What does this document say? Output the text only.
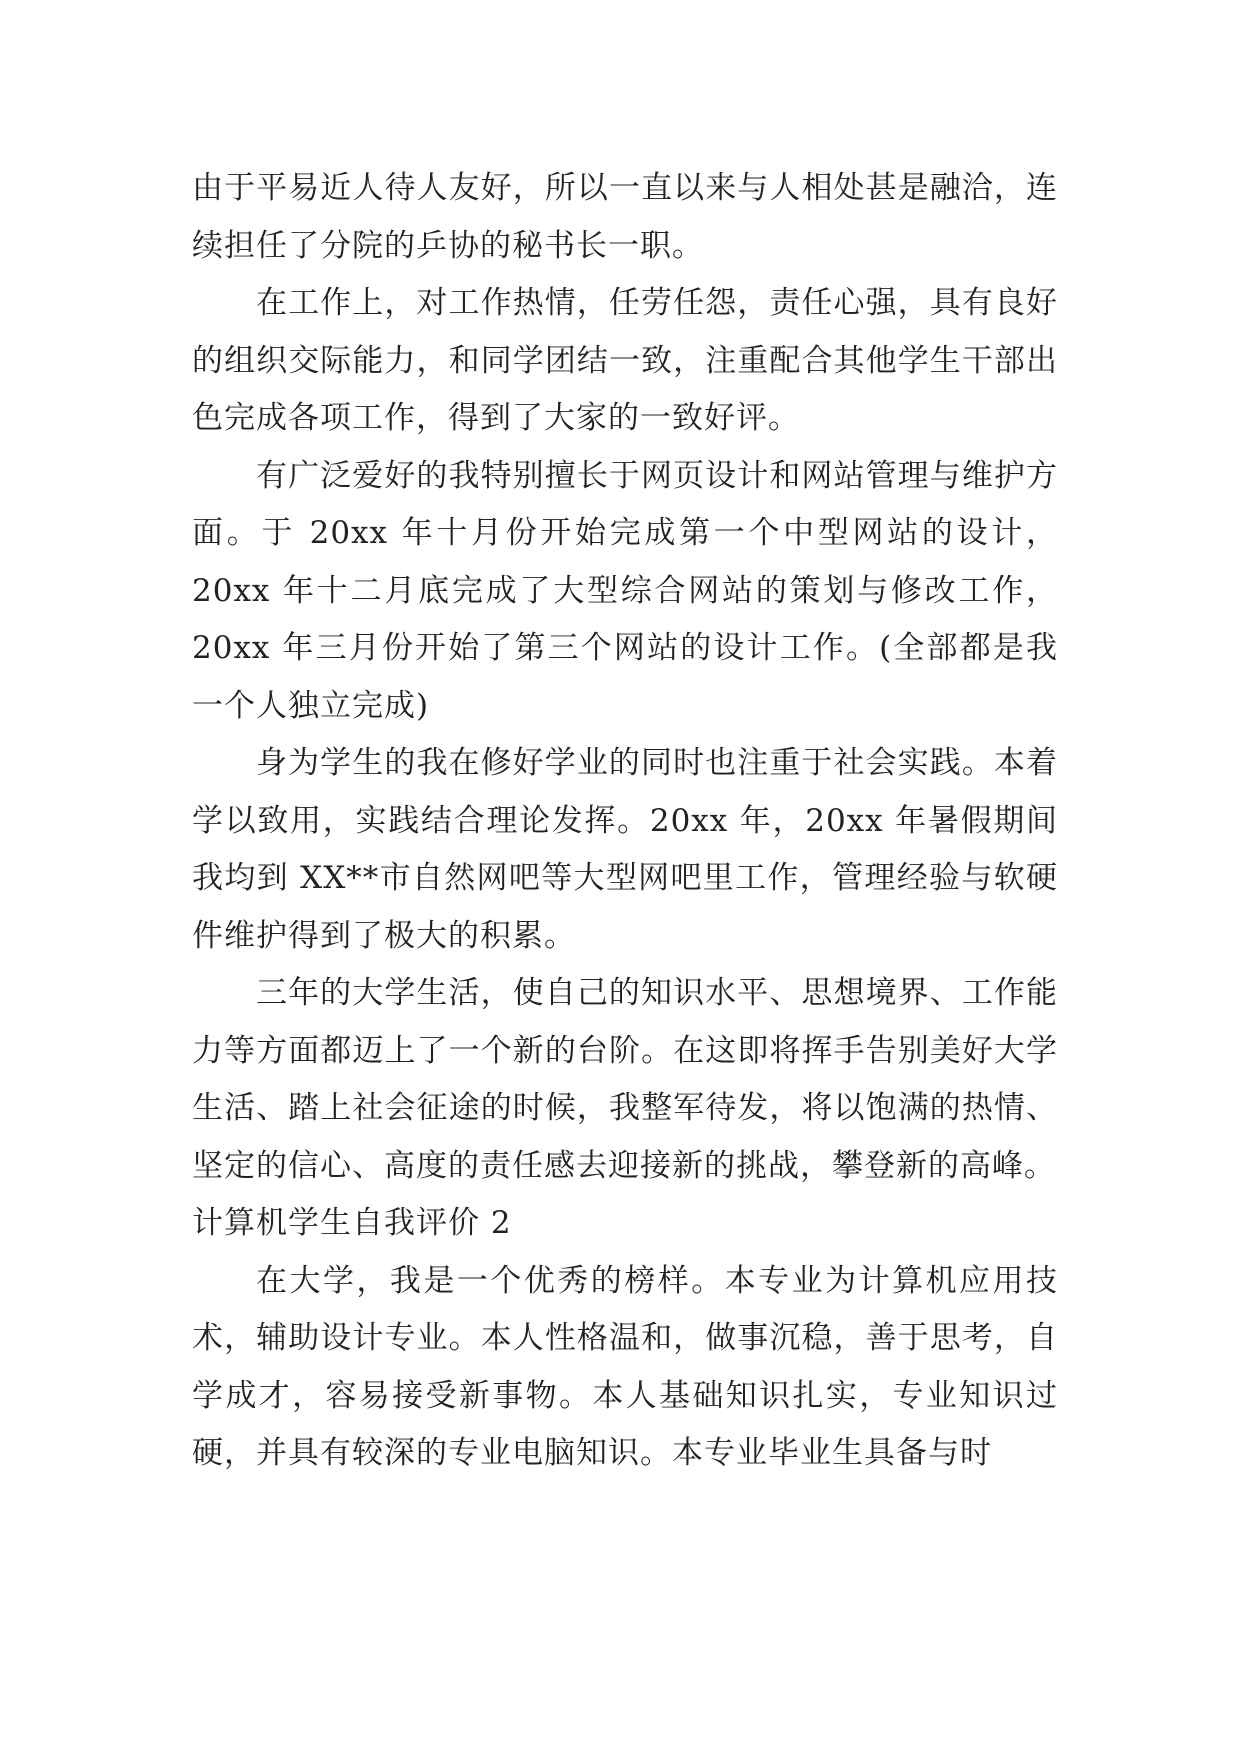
由于平易近人待人友好，所以一直以来与人相处甚是融洽，连续担任了分院的乒协的秘书长一职。

在工作上，对工作热情，任劳任怨，责任心强，具有良好的组织交际能力，和同学团结一致，注重配合其他学生干部出色完成各项工作，得到了大家的一致好评。

有广泛爱好的我特别擅长于网页设计和网站管理与维护方面。于 20xx 年十月份开始完成第一个中型网站的设计，20xx 年十二月底完成了大型综合网站的策划与修改工作，20xx 年三月份开始了第三个网站的设计工作。(全部都是我一个人独立完成)

身为学生的我在修好学业的同时也注重于社会实践。本着学以致用，实践结合理论发挥。20xx 年，20xx 年暑假期间我均到 XX**市自然网吧等大型网吧里工作，管理经验与软硬件维护得到了极大的积累。

三年的大学生活，使自己的知识水平、思想境界、工作能力等方面都迈上了一个新的台阶。在这即将挥手告别美好大学生活、踏上社会征途的时候，我整军待发，将以饱满的热情、坚定的信心、高度的责任感去迎接新的挑战，攀登新的高峰。

计算机学生自我评价 2

在大学，我是一个优秀的榜样。本专业为计算机应用技术，辅助设计专业。本人性格温和，做事沉稳，善于思考，自学成才，容易接受新事物。本人基础知识扎实，专业知识过硬，并具有较深的专业电脑知识。本专业毕业生具备与时
